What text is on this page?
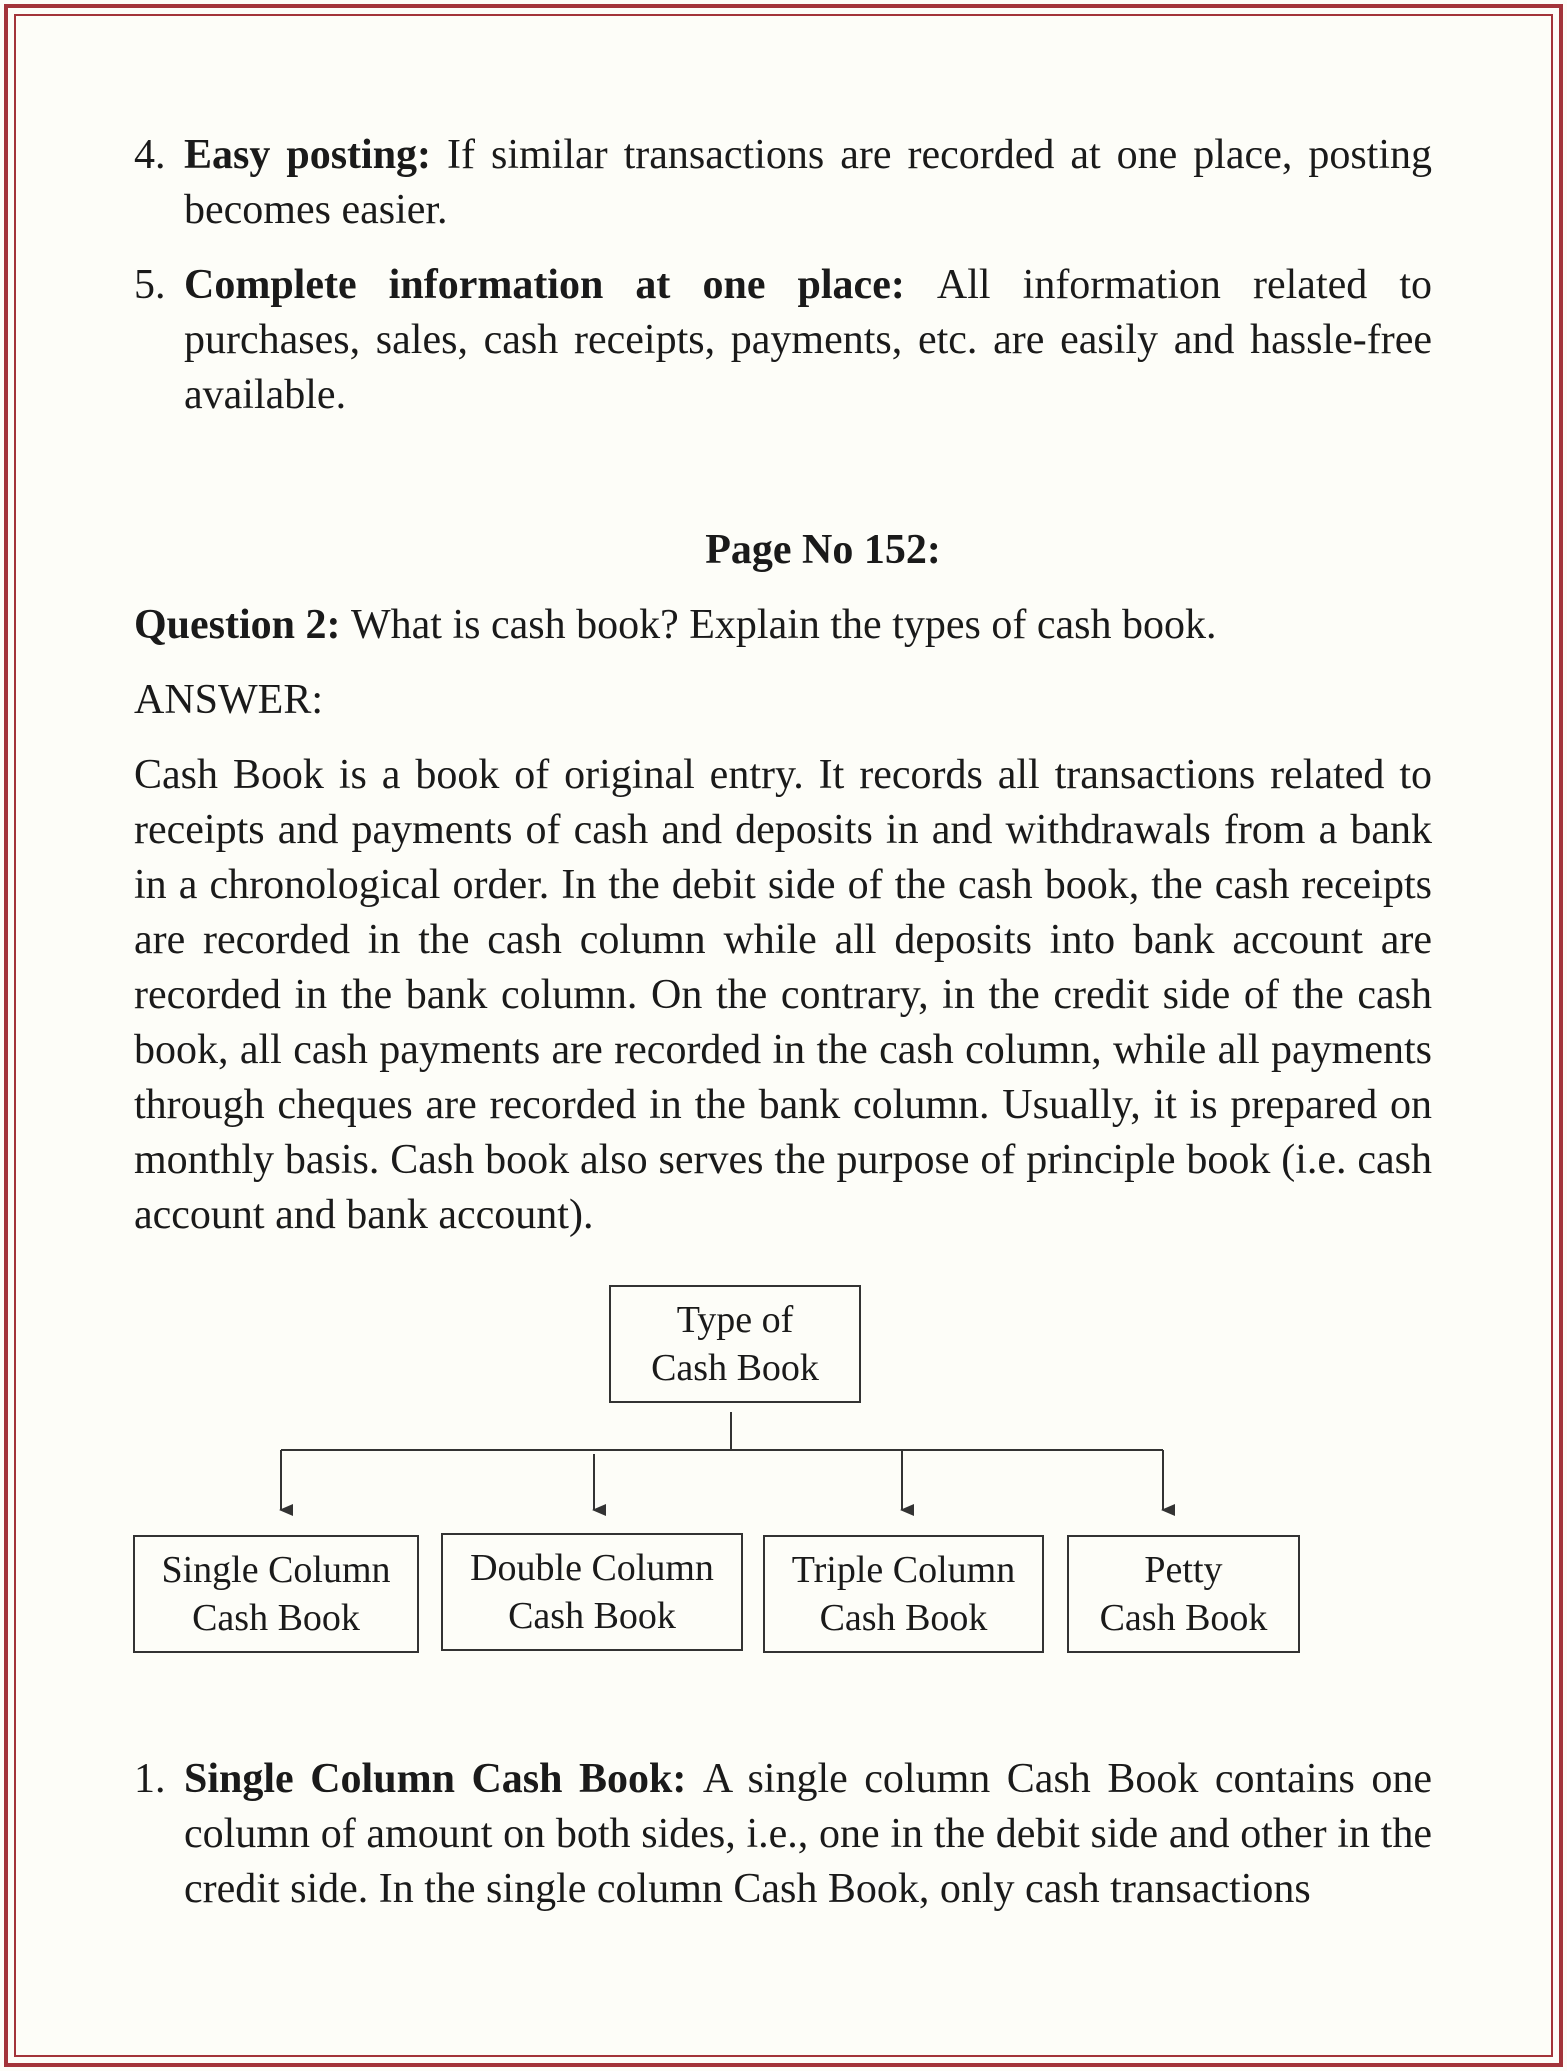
4. Easy posting: If similar transactions are recorded at one place, posting becomes easier.
5. Complete information at one place: All information related to purchases, sales, cash receipts, payments, etc. are easily and hassle-free available.
Page No 152:
Question 2: What is cash book? Explain the types of cash book.
ANSWER:
Cash Book is a book of original entry. It records all transactions related to receipts and payments of cash and deposits in and withdrawals from a bank in a chronological order. In the debit side of the cash book, the cash receipts are recorded in the cash column while all deposits into bank account are recorded in the bank column. On the contrary, in the credit side of the cash book, all cash payments are recorded in the cash column, while all payments through cheques are recorded in the bank column. Usually, it is prepared on monthly basis. Cash book also serves the purpose of principle book (i.e. cash account and bank account).
Type of
Cash Book
Single Column
Cash Book
Double Column
Cash Book
Triple Column
Cash Book
Petty
Cash Book
1. Single Column Cash Book: A single column Cash Book contains one column of amount on both sides, i.e., one in the debit side and other in the credit side. In the single column Cash Book, only cash transactions
